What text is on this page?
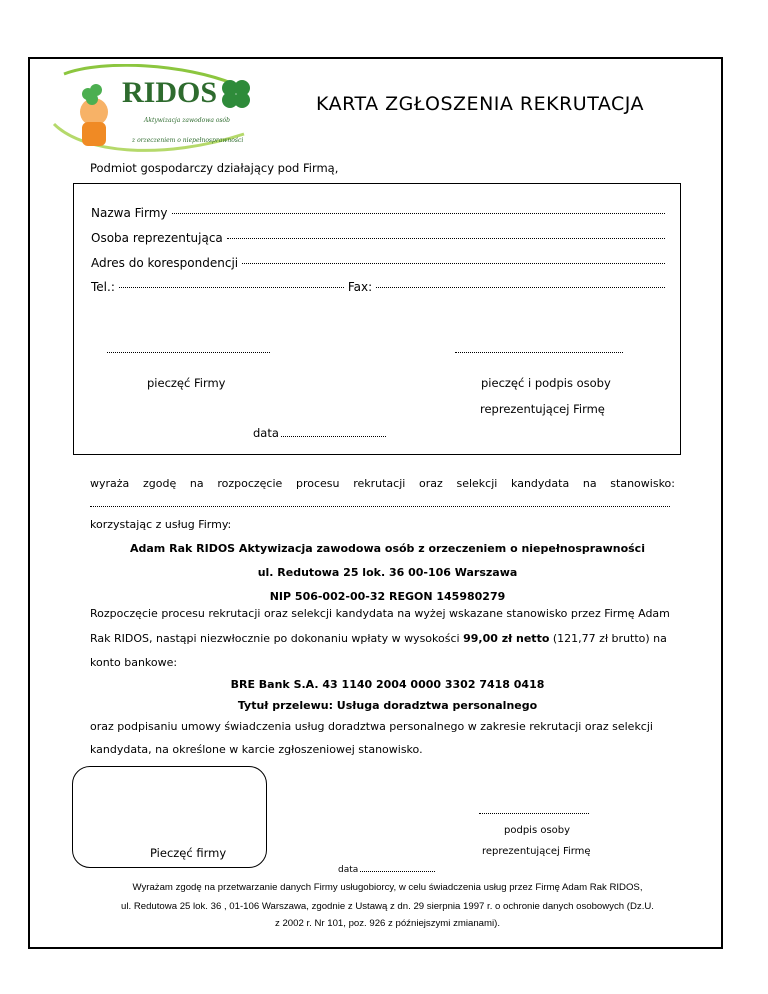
RIDOS
Aktywizacja zawodowa osób
z orzeczeniem o niepełnosprawności
KARTA ZGŁOSZENIA REKRUTACJA
Podmiot gospodarczy działający pod Firmą,
Nazwa Firmy
Osoba reprezentująca
Adres do korespondencji
Tel.:	Fax:
pieczęć Firmy	pieczęć i podpis osoby
reprezentującej Firmę
data
wyraża zgodę na rozpoczęcie procesu rekrutacji oraz selekcji kandydata na stanowisko:
korzystając z usług Firmy:
Adam Rak RIDOS Aktywizacja zawodowa osób z orzeczeniem o niepełnosprawności
ul. Redutowa 25 lok. 36 00-106 Warszawa
NIP 506-002-00-32 REGON 145980279
Rozpoczęcie procesu rekrutacji oraz selekcji kandydata na wyżej wskazane stanowisko przez Firmę Adam
Rak RIDOS, nastąpi niezwłocznie po dokonaniu wpłaty w wysokości 99,00 zł netto (121,77 zł brutto) na
konto bankowe:
BRE Bank S.A. 43 1140 2004 0000 3302 7418 0418
Tytuł przelewu: Usługa doradztwa personalnego
oraz podpisaniu umowy świadczenia usług doradztwa personalnego w zakresie rekrutacji oraz selekcji
kandydata, na określone w karcie zgłoszeniowej stanowisko.
Pieczęć firmy
podpis osoby
reprezentującej Firmę
data
Wyrażam zgodę na przetwarzanie danych Firmy usługobiorcy, w celu świadczenia usług przez Firmę Adam Rak RIDOS,
ul. Redutowa 25 lok. 36 , 01-106 Warszawa, zgodnie z Ustawą z dn. 29 sierpnia 1997 r. o ochronie danych osobowych (Dz.U.
z 2002 r. Nr 101, poz. 926 z późniejszymi zmianami).
